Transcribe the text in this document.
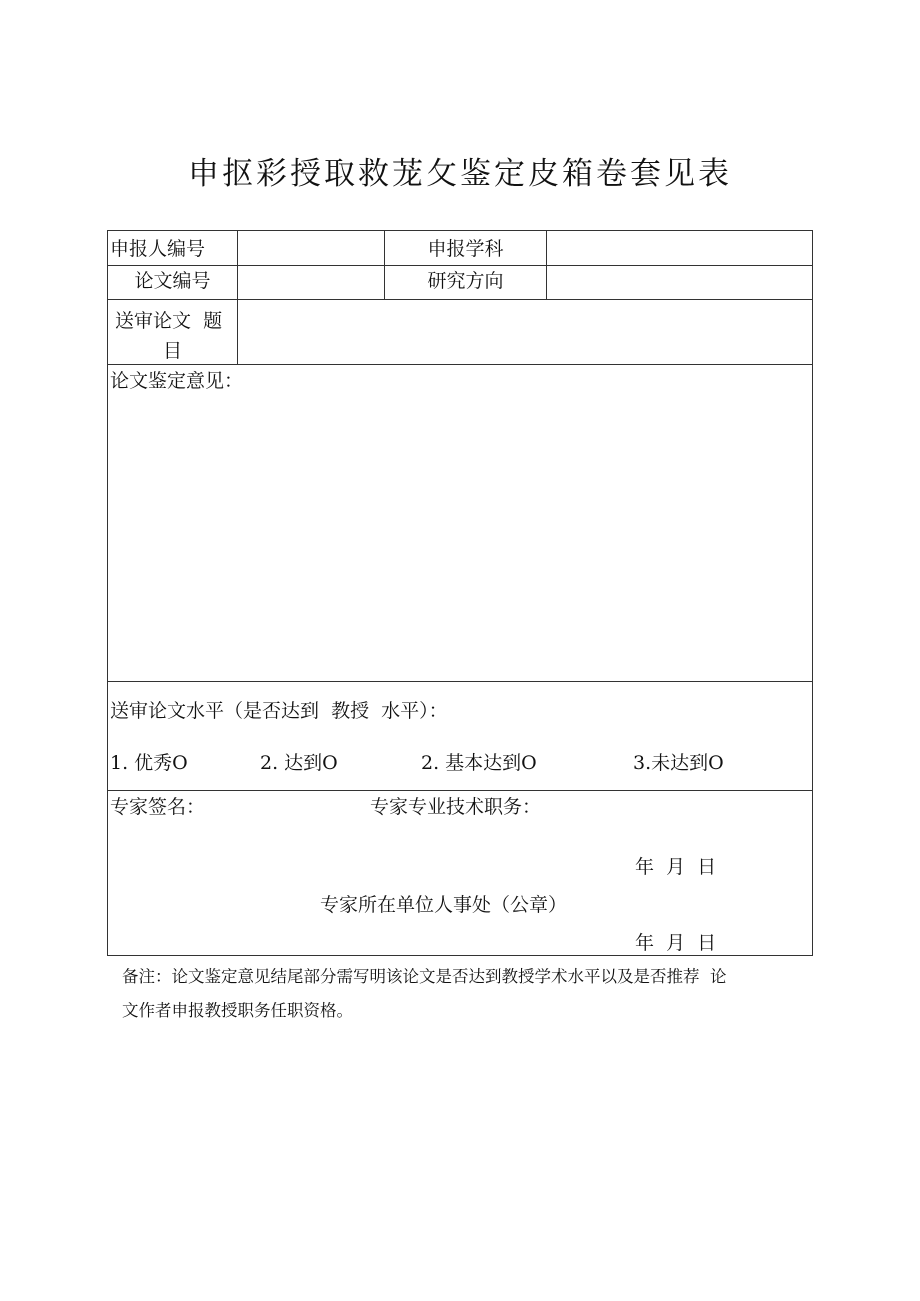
申抠彩授取救茏攵鉴定皮箱卷套见表
申报人编号	申报学科
论文编号	研究方向
送审论文  题
目
论文鉴定意见：
送审论文水平（是否达到  教授  水平）：
1. 优秀O	2. 达到O	2. 基本达到O	3.未达到O
专家签名：	专家专业技术职务：
年  月  日
专家所在单位人事处（公章）
年  月  日
备注：论文鉴定意见结尾部分需写明该论文是否达到教授学术水平以及是否推荐  论
文作者申报教授职务任职资格。
